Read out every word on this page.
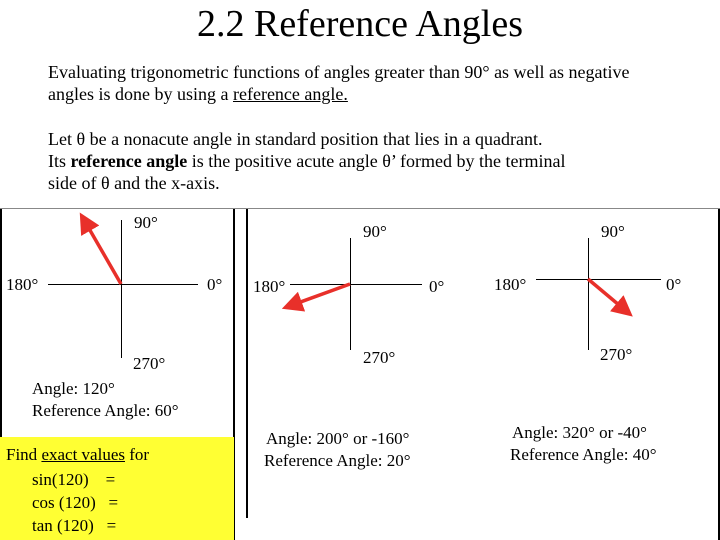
2.2 Reference Angles
Evaluating trigonometric functions of angles greater than 90° as well as negative angles is done by using a reference angle.
Let θ be a nonacute angle in standard position that lies in a quadrant.
Its reference angle is the positive acute angle θ’ formed by the terminal
side of θ and the x-axis.
90°
180°	0°
270°
Angle: 120°
Reference Angle: 60°
90°
180°	0°
270°
Angle: 200° or -160°
Reference Angle: 20°
90°
180°	0°
270°
Angle: 320° or -40°
Reference Angle: 40°
Find exact values for
sin(120)    =
cos (120)   =
tan (120)   =
